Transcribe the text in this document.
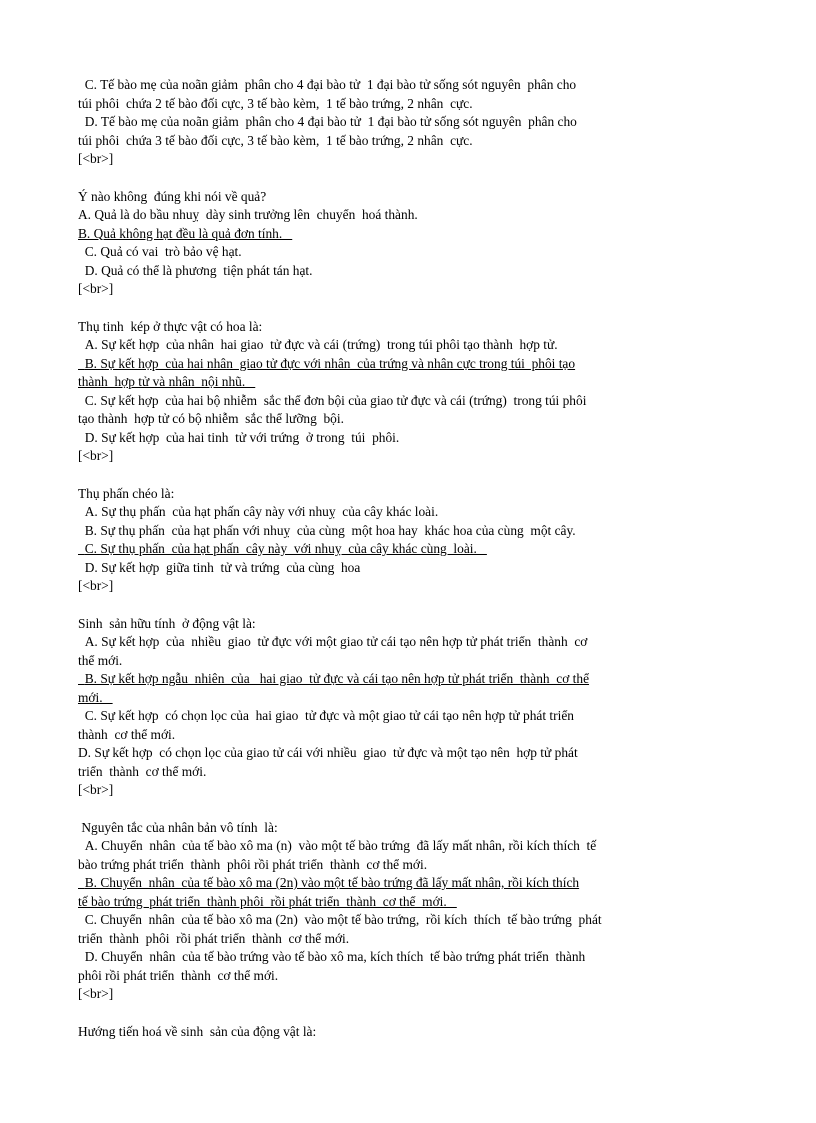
C. Tế bào mẹ của noãn giảm  phân cho 4 đại bào tử  1 đại bào tử sống sót nguyên  phân cho
túi phôi  chứa 2 tế bào đối cực, 3 tế bào kèm,  1 tế bào trứng, 2 nhân  cực.
D. Tế bào mẹ của noãn giảm  phân cho 4 đại bào tử  1 đại bào tử sống sót nguyên  phân cho
túi phôi  chứa 3 tế bào đối cực, 3 tế bào kèm,  1 tế bào trứng, 2 nhân  cực.
[<br>]
Ý nào không  đúng khi nói về quả?
A. Quả là do bầu nhuỵ  dày sinh trưởng lên  chuyển  hoá thành.
B. Quả không hạt đều là quả đơn tính.
C. Quả có vai  trò bảo vệ hạt.
D. Quả có thể là phương  tiện phát tán hạt.
[<br>]
Thụ tinh  kép ở thực vật có hoa là:
A. Sự kết hợp  của nhân  hai giao  tử đực và cái (trứng)  trong túi phôi tạo thành  hợp tử.
B. Sự kết hợp  của hai nhân  giao tử đực với nhân  của trứng và nhân cực trong túi  phôi tạo
thành  hợp tử và nhân  nội nhũ.
C. Sự kết hợp  của hai bộ nhiễm  sắc thể đơn bội của giao tử đực và cái (trứng)  trong túi phôi
tạo thành  hợp tử có bộ nhiễm  sắc thể lưỡng  bội.
D. Sự kết hợp  của hai tinh  tử với trứng  ở trong  túi  phôi.
[<br>]
Thụ phấn chéo là:
A. Sự thụ phấn  của hạt phấn cây này với nhuỵ  của cây khác loài.
B. Sự thụ phấn  của hạt phấn với nhuỵ  của cùng  một hoa hay  khác hoa của cùng  một cây.
C. Sự thụ phấn  của hạt phấn  cây này  với nhuỵ  của cây khác cùng  loài.
D. Sự kết hợp  giữa tinh  tử và trứng  của cùng  hoa
[<br>]
Sinh  sản hữu tính  ở động vật là:
A. Sự kết hợp  của  nhiều  giao  tử đực với một giao tử cái tạo nên hợp tử phát triển  thành  cơ
thể mới.
B. Sự kết hợp ngẫu  nhiên  của   hai giao  tử đực và cái tạo nên hợp tử phát triển  thành  cơ thể
mới.
C. Sự kết hợp  có chọn lọc của  hai giao  tử đực và một giao tử cái tạo nên hợp tử phát triển
thành  cơ thể mới.
D. Sự kết hợp  có chọn lọc của giao tử cái với nhiều  giao  tử đực và một tạo nên  hợp tử phát
triển  thành  cơ thể mới.
[<br>]
Nguyên tắc của nhân bản vô tính  là:
A. Chuyển  nhân  của tế bào xô ma (n)  vào một tế bào trứng  đã lấy mất nhân, rồi kích thích  tế
bào trứng phát triển  thành  phôi rồi phát triển  thành  cơ thể mới.
B. Chuyển  nhân  của tế bào xô ma (2n) vào một tế bào trứng đã lấy mất nhân, rồi kích thích
tế bào trứng  phát triển  thành phôi  rồi phát triển  thành  cơ thể  mới.
C. Chuyển  nhân  của tế bào xô ma (2n)  vào một tế bào trứng,  rồi kích  thích  tế bào trứng  phát
triển  thành  phôi  rồi phát triển  thành  cơ thể mới.
D. Chuyển  nhân  của tế bào trứng vào tế bào xô ma, kích thích  tế bào trứng phát triển  thành
phôi rồi phát triển  thành  cơ thể mới.
[<br>]
Hướng tiến hoá về sinh  sản của động vật là:
